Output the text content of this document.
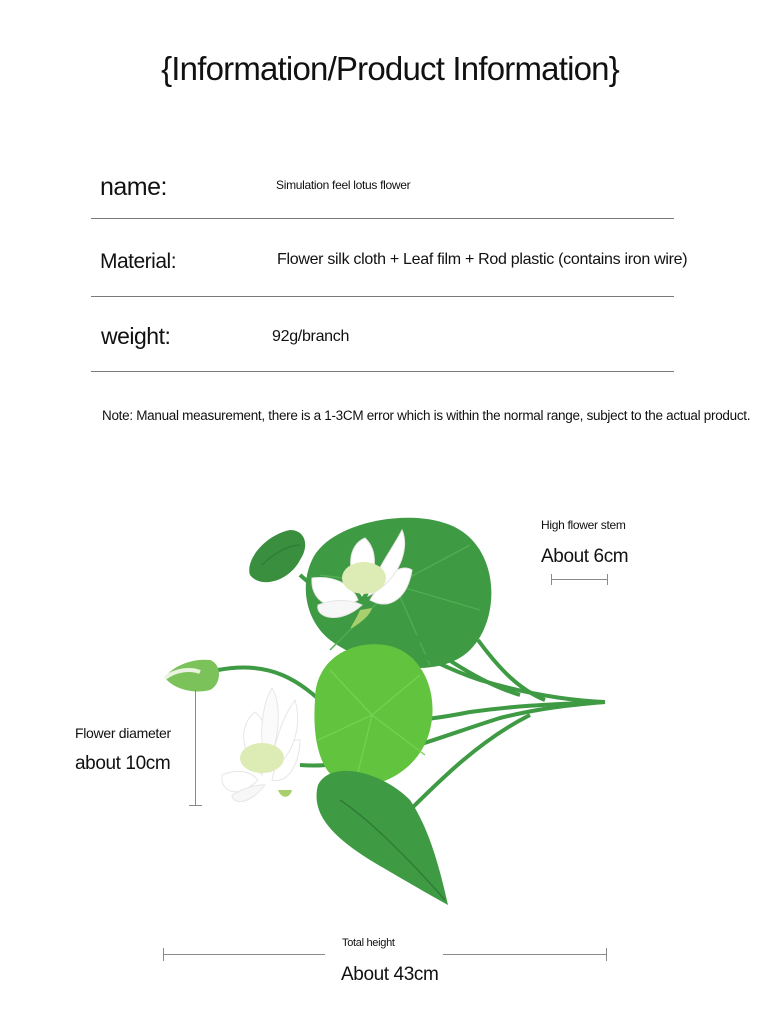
{Information/Product Information}
name:	Simulation feel lotus flower
Material:	Flower silk cloth + Leaf film + Rod plastic (contains iron wire)
weight:	92g/branch
Note: Manual measurement, there is a 1-3CM error which is within the normal range, subject to the actual product.
High flower stem
About 6cm
Flower diameter
about 10cm
Total height
About 43cm
